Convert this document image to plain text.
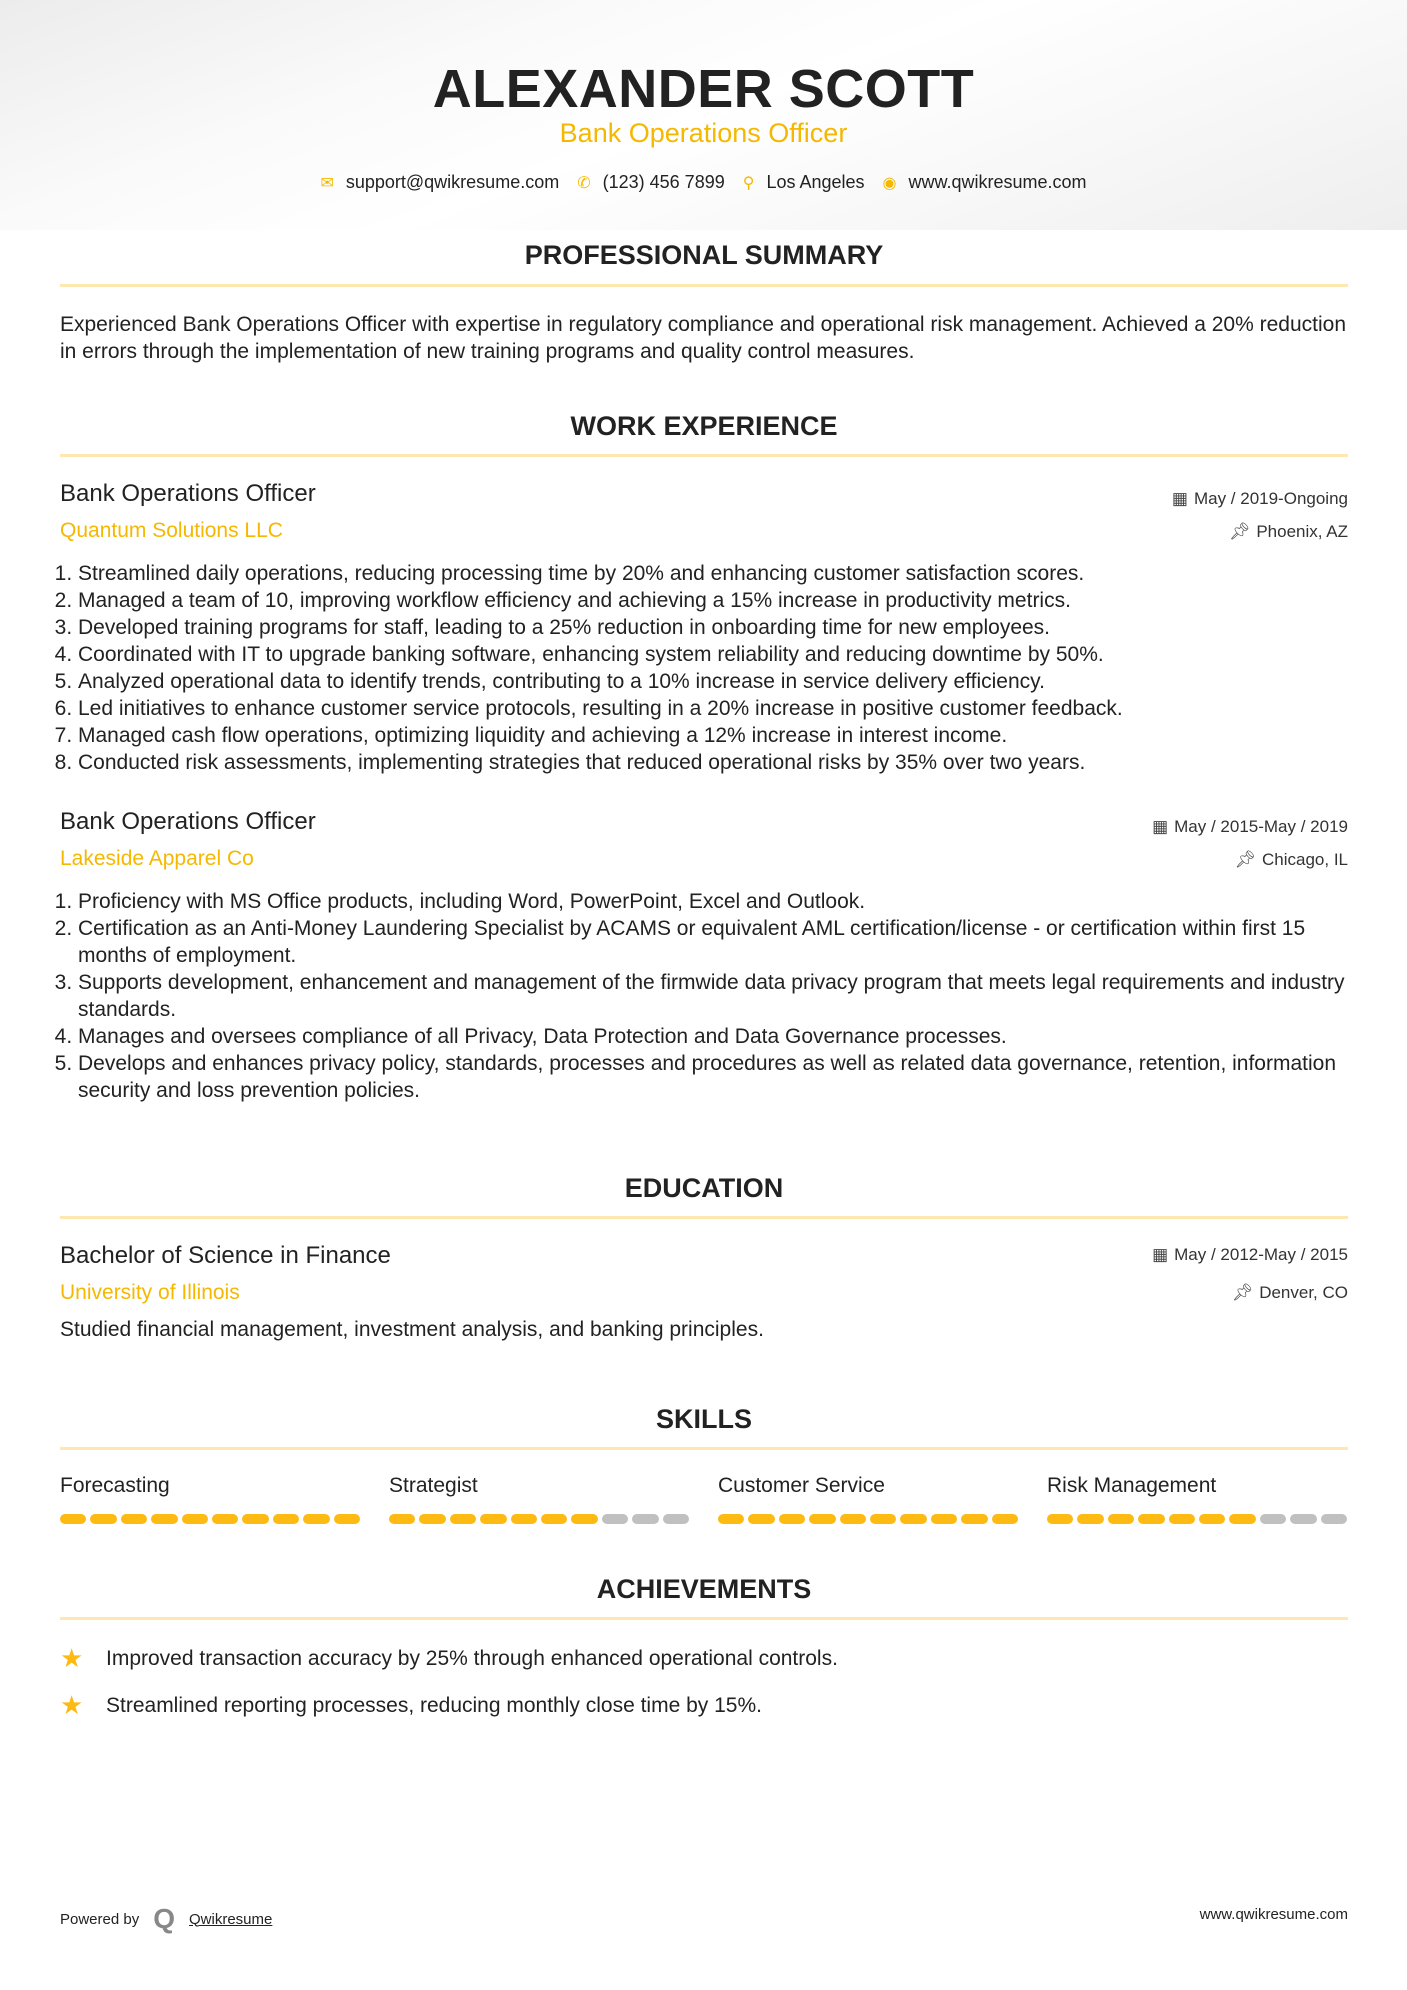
ALEXANDER SCOTT
Bank Operations Officer
✉ support@qwikresume.com ✆ (123) 456 7899 ⚲ Los Angeles ◉ www.qwikresume.com
PROFESSIONAL SUMMARY
Experienced Bank Operations Officer with expertise in regulatory compliance and operational risk management. Achieved a 20% reduction in errors through the implementation of new training programs and quality control measures.
WORK EXPERIENCE
Bank Operations Officer
Quantum Solutions LLC
▦ May / 2019-Ongoing
📌︎ Phoenix, AZ
1. Streamlined daily operations, reducing processing time by 20% and enhancing customer satisfaction scores.
2. Managed a team of 10, improving workflow efficiency and achieving a 15% increase in productivity metrics.
3. Developed training programs for staff, leading to a 25% reduction in onboarding time for new employees.
4. Coordinated with IT to upgrade banking software, enhancing system reliability and reducing downtime by 50%.
5. Analyzed operational data to identify trends, contributing to a 10% increase in service delivery efficiency.
6. Led initiatives to enhance customer service protocols, resulting in a 20% increase in positive customer feedback.
7. Managed cash flow operations, optimizing liquidity and achieving a 12% increase in interest income.
8. Conducted risk assessments, implementing strategies that reduced operational risks by 35% over two years.
Bank Operations Officer
Lakeside Apparel Co
▦ May / 2015-May / 2019
📌︎ Chicago, IL
1. Proficiency with MS Office products, including Word, PowerPoint, Excel and Outlook.
2. Certification as an Anti-Money Laundering Specialist by ACAMS or equivalent AML certification/license - or certification within first 15 months of employment.
3. Supports development, enhancement and management of the firmwide data privacy program that meets legal requirements and industry standards.
4. Manages and oversees compliance of all Privacy, Data Protection and Data Governance processes.
5. Develops and enhances privacy policy, standards, processes and procedures as well as related data governance, retention, information security and loss prevention policies.
EDUCATION
Bachelor of Science in Finance
University of Illinois
▦ May / 2012-May / 2015
📌︎ Denver, CO
Studied financial management, investment analysis, and banking principles.
SKILLS
Forecasting	Strategist	Customer Service	Risk Management
ACHIEVEMENTS
★	Improved transaction accuracy by 25% through enhanced operational controls.
★	Streamlined reporting processes, reducing monthly close time by 15%.
Powered by Q Qwikresume	www.qwikresume.com
